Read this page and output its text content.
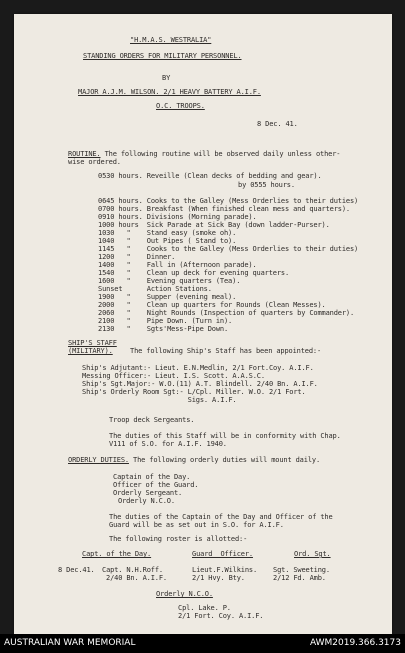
"H.M.A.S. WESTRALIA"
STANDING ORDERS FOR MILITARY PERSONNEL.
BY
MAJOR A.J.M. WILSON. 2/1 HEAVY BATTERY A.I.F.
O.C. TROOPS.
8 Dec. 41.
ROUTINE. The following routine will be observed daily unless other-
wise ordered.
0530 hours. Reveille (Clean decks of bedding and gear).
by 0555 hours.
0645 hours. Cooks to the Galley (Mess Orderlies to their duties)
0700 hours. Breakfast (When finished clean mess and quarters).
0910 hours. Divisions (Morning parade).
1000 hours  Sick Parade at Sick Bay (down ladder-Purser).
1030   "    Stand easy (smoke oh).
1040   "    Out Pipes ( Stand to).
1145   "    Cooks to the Galley (Mess Orderlies to their duties)
1200   "    Dinner.
1400   "    Fall in (Afternoon parade).
1540   "    Clean up deck for evening quarters.
1600   "    Evening quarters (Tea).
Sunset      Action Stations.
1900   "    Supper (evening meal).
2000   "    Clean up quarters for Rounds (Clean Messes).
2060   "    Night Rounds (Inspection of quarters by Commander).
2100   "    Pipe Down. (Turn in).
2130   "    Sgts'Mess-Pipe Down.
SHIP'S STAFF
(MILITARY). The following Ship's Staff has been appointed:-
Ship's Adjutant:- Lieut. E.N.Medlin, 2/1 Fort.Coy. A.I.F.
Messing Officer:- Lieut. I.S. Scott. A.A.S.C.
Ship's Sgt.Major:- W.O.(11) A.T. Blindell. 2/40 Bn. A.I.F.
Ship's Orderly Room Sgt:- L/Cpl. Miller. W.O. 2/1 Fort.
Sigs. A.I.F.
Troop deck Sergeants.
The duties of this Staff will be in conformity with Chap.
V111 of S.O. for A.I.F. 1940.
ORDERLY DUTIES. The following orderly duties will mount daily.
Captain of the Day.
Officer of the Guard.
Orderly Sergeant.
Orderly N.C.O.
The duties of the Captain of the Day and Officer of the
Guard will be as set out in S.O. for A.I.F.
The following roster is allotted:-
Capt. of the Day.	Guard  Officer.	Ord. Sgt.
8 Dec.41. Capt. N.H.Roff.	Lieut.F.Wilkins. Sgt. Sweeting.
2/40 Bn. A.I.F.	2/1 Hvy. Bty.	2/12 Fd. Amb.
Orderly N.C.O.
Cpl. Lake. P.
2/1 Fort. Coy. A.I.F.
AUSTRALIAN WAR MEMORIAL	AWM2019.366.3173
